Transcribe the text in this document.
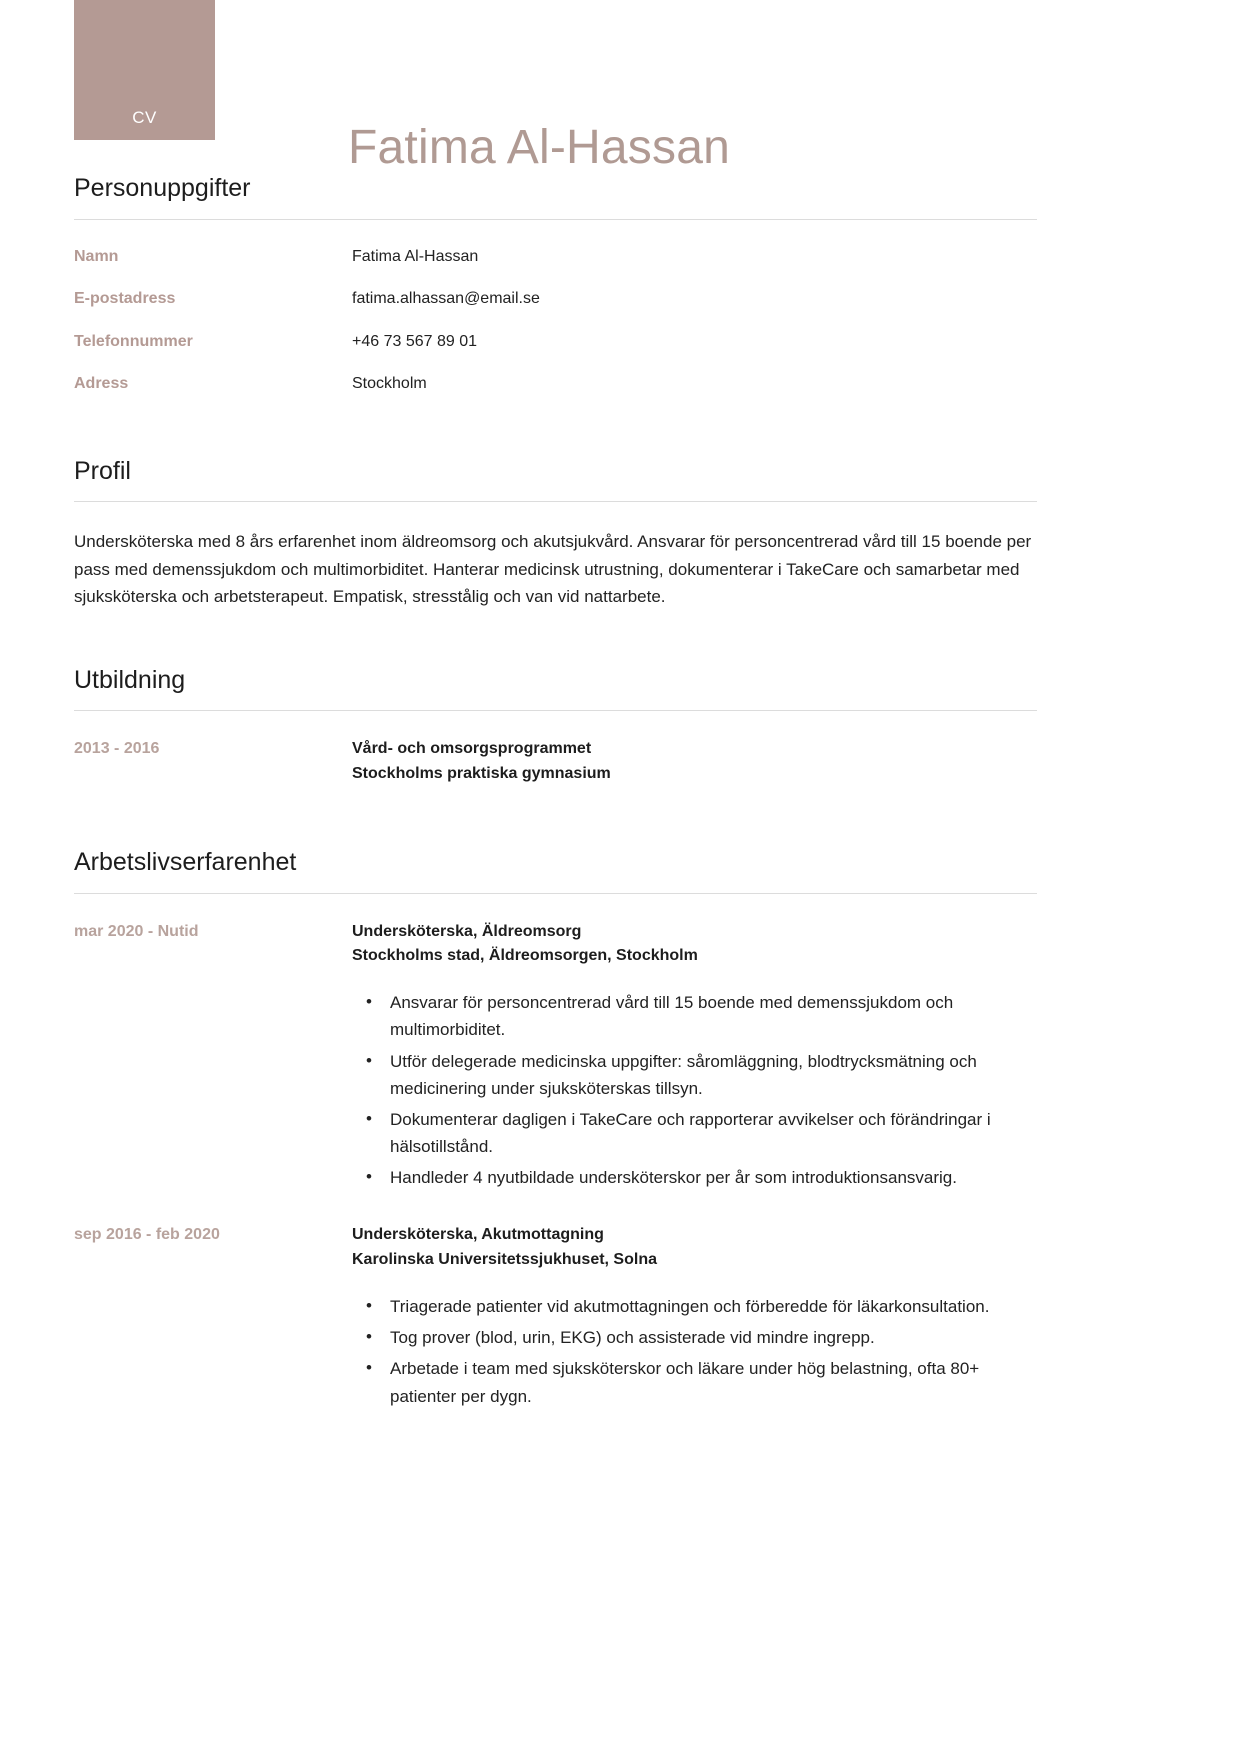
CV
Fatima Al-Hassan
Personuppgifter
Namn	Fatima Al-Hassan
E-postadress	fatima.alhassan@email.se
Telefonnummer	+46 73 567 89 01
Adress	Stockholm
Profil

Undersköterska med 8 års erfarenhet inom äldreomsorg och akutsjukvård. Ansvarar för personcentrerad vård till 15 boende per pass med demenssjukdom och multimorbiditet. Hanterar medicinsk utrustning, dokumenterar i TakeCare och samarbetar med sjuksköterska och arbetsterapeut. Empatisk, stresstålig och van vid nattarbete.

Utbildning
2013 - 2016	Vård- och omsorgsprogrammet
Stockholms praktiska gymnasium
Arbetslivserfarenhet
mar 2020 - Nutid	Undersköterska, Äldreomsorg
Stockholms stad, Äldreomsorgen, Stockholm
• Ansvarar för personcentrerad vård till 15 boende med demenssjukdom och multimorbiditet.
• Utför delegerade medicinska uppgifter: såromläggning, blodtrycksmätning och medicinering under sjuksköterskas tillsyn.
• Dokumenterar dagligen i TakeCare och rapporterar avvikelser och förändringar i hälsotillstånd.
• Handleder 4 nyutbildade undersköterskor per år som introduktionsansvarig.
sep 2016 - feb 2020	Undersköterska, Akutmottagning
Karolinska Universitetssjukhuset, Solna
• Triagerade patienter vid akutmottagningen och förberedde för läkarkonsultation.
• Tog prover (blod, urin, EKG) och assisterade vid mindre ingrepp.
• Arbetade i team med sjuksköterskor och läkare under hög belastning, ofta 80+ patienter per dygn.
